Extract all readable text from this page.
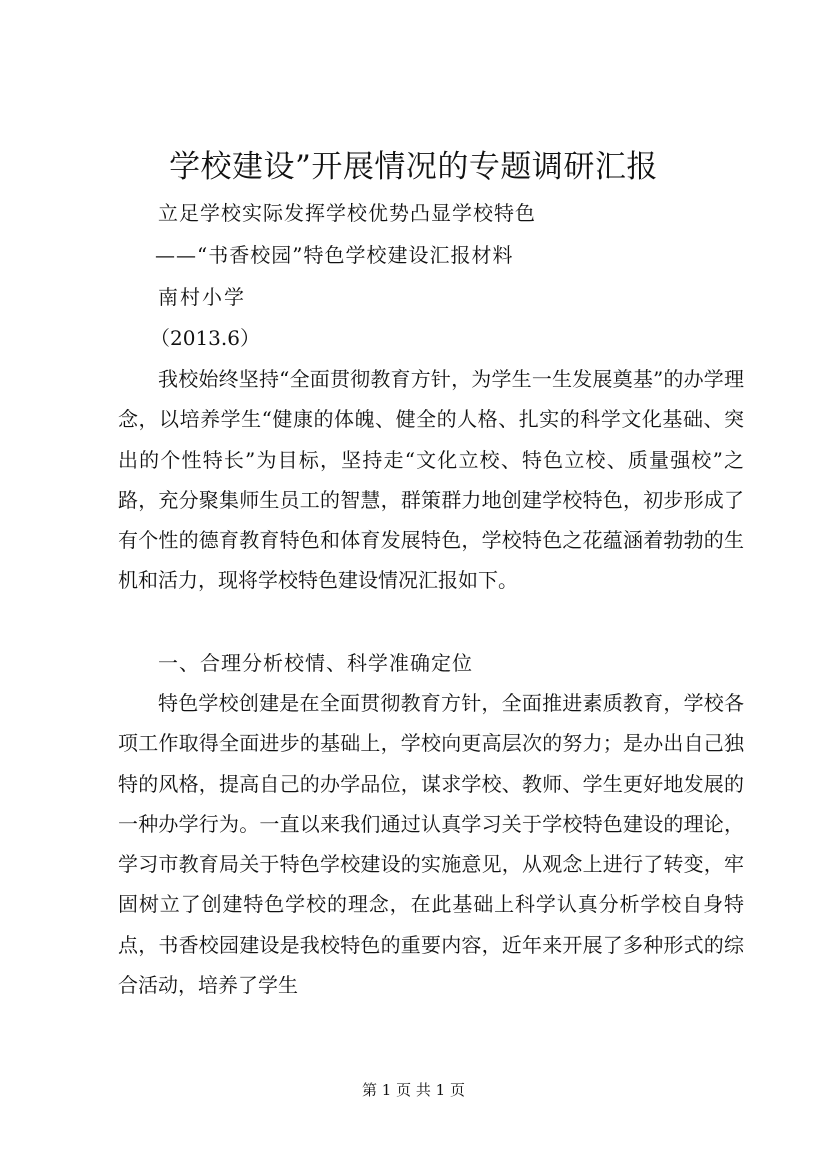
学校建设”开展情况的专题调研汇报
立足学校实际发挥学校优势凸显学校特色
——“书香校园”特色学校建设汇报材料
南村小学
（2013.6）
我校始终坚持“全面贯彻教育方针，为学生一生发展奠基”的办学理念，以培养学生“健康的体魄、健全的人格、扎实的科学文化基础、突出的个性特长”为目标，坚持走“文化立校、特色立校、质量强校”之路，充分聚集师生员工的智慧，群策群力地创建学校特色，初步形成了有个性的德育教育特色和体育发展特色，学校特色之花蕴涵着勃勃的生机和活力，现将学校特色建设情况汇报如下。
一、合理分析校情、科学准确定位
特色学校创建是在全面贯彻教育方针，全面推进素质教育，学校各项工作取得全面进步的基础上，学校向更高层次的努力；是办出自己独特的风格，提高自己的办学品位，谋求学校、教师、学生更好地发展的一种办学行为。一直以来我们通过认真学习关于学校特色建设的理论，学习市教育局关于特色学校建设的实施意见，从观念上进行了转变，牢固树立了创建特色学校的理念，在此基础上科学认真分析学校自身特点，书香校园建设是我校特色的重要内容，近年来开展了多种形式的综合活动，培养了学生
第 1 页 共 1 页
